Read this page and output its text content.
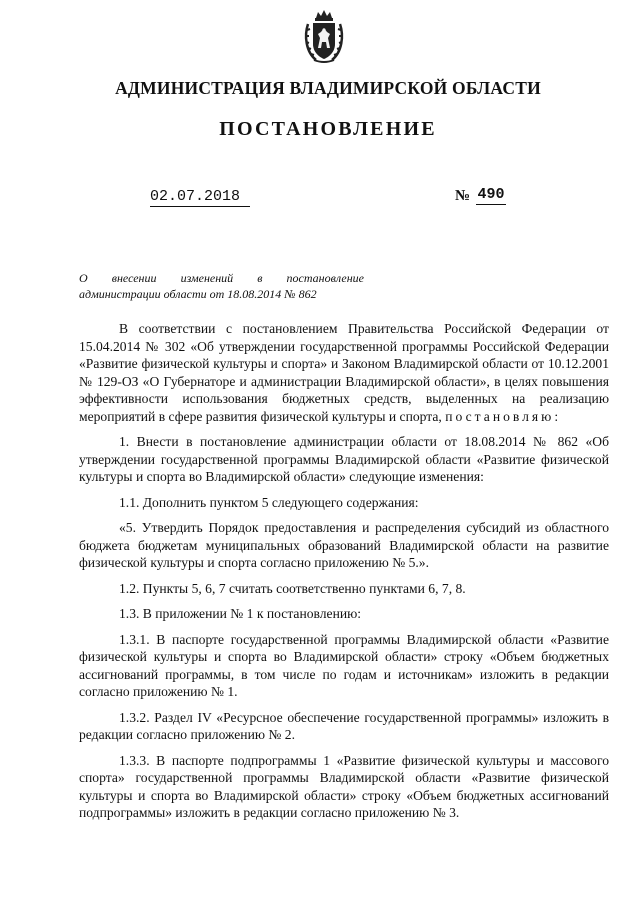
АДМИНИСТРАЦИЯ ВЛАДИМИРСКОЙ ОБЛАСТИ
ПОСТАНОВЛЕНИЕ
02.07.2018	№ 490
О внесении изменений в постановление
администрации области от 18.08.2014 № 862

В соответствии с постановлением Правительства Российской Федерации от 15.04.2014 № 302 «Об утверждении государственной программы Российской Федерации «Развитие физической культуры и спорта» и Законом Владимирской области от 10.12.2001 № 129-ОЗ «О Губернаторе и администрации Владимирской области», в целях повышения эффективности использования бюджетных средств, выделенных на реализацию мероприятий в сфере развития физической культуры и спорта, постановляю:

1. Внести в постановление администрации области от 18.08.2014 № 862 «Об утверждении государственной программы Владимирской области «Развитие физической культуры и спорта во Владимирской области» следующие изменения:

1.1. Дополнить пунктом 5 следующего содержания:

«5. Утвердить Порядок предоставления и распределения субсидий из областного бюджета бюджетам муниципальных образований Владимирской области на развитие физической культуры и спорта согласно приложению № 5.».

1.2. Пункты 5, 6, 7 считать соответственно пунктами 6, 7, 8.

1.3. В приложении № 1 к постановлению:

1.3.1. В паспорте государственной программы Владимирской области «Развитие физической культуры и спорта во Владимирской области» строку «Объем бюджетных ассигнований программы, в том числе по годам и источникам» изложить в редакции согласно приложению № 1.

1.3.2. Раздел IV «Ресурсное обеспечение государственной программы» изложить в редакции согласно приложению № 2.

1.3.3. В паспорте подпрограммы 1 «Развитие физической культуры и массового спорта» государственной программы Владимирской области «Развитие физической культуры и спорта во Владимирской области» строку «Объем бюджетных ассигнований подпрограммы» изложить в редакции согласно приложению № 3.
